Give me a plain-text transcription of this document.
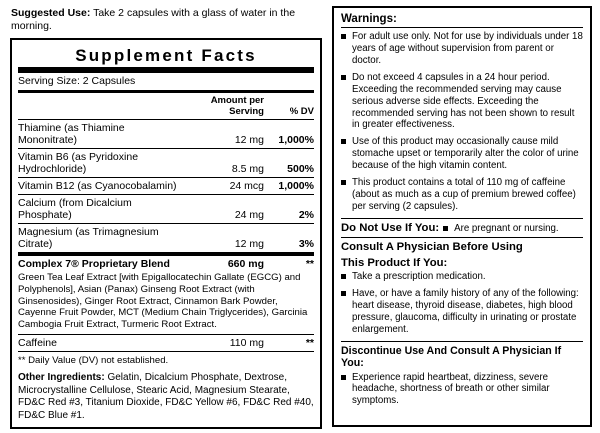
Suggested Use: Take 2 capsules with a glass of water in the morning.
Supplement Facts
Serving Size: 2 Capsules
	Amount per Serving	% DV
Thiamine (as Thiamine Mononitrate)	12 mg	1,000%
Vitamin B6 (as Pyridoxine Hydrochloride)	8.5 mg	500%
Vitamin B12 (as Cyanocobalamin)	24 mcg	1,000%
Calcium (from Dicalcium Phosphate)	24 mg	2%
Magnesium (as Trimagnesium Citrate)	12 mg	3%
Complex 7® Proprietary Blend	660 mg	**
Green Tea Leaf Extract [with Epigallocatechin Gallate (EGCG) and Polyphenols], Asian (Panax) Ginseng Root Extract (with Ginsenosides), Ginger Root Extract, Cinnamon Bark Powder, Cayenne Fruit Powder, MCT (Medium Chain Triglycerides), Garcinia Cambogia Fruit Extract, Turmeric Root Extract.
Caffeine	110 mg	**
** Daily Value (DV) not established.
Other Ingredients: Gelatin, Dicalcium Phosphate, Dextrose, Microcrystalline Cellulose, Stearic Acid, Magnesium Stearate, FD&C Red #3, Titanium Dioxide, FD&C Yellow #6, FD&C Red #40, FD&C Blue #1.
Warnings:
For adult use only. Not for use by individuals under 18 years of age without supervision from parent or doctor.
Do not exceed 4 capsules in a 24 hour period. Exceeding the recommended serving may cause serious adverse side effects. Exceeding the recommended serving has not been shown to result in greater effectiveness.
Use of this product may occasionally cause mild stomache upset or temporarily alter the color of urine because of the high vitamin content.
This product contains a total of 110 mg of caffeine (about as much as a cup of premium brewed coffee) per serving (2 capsules).
Do Not Use If You:	Are pregnant or nursing.
Consult A Physician Before Using
This Product If You:
Take a prescription medication.
Have, or have a family history of any of the following: heart disease, thyroid disease, diabetes, high blood pressure, glaucoma, difficulty in urinating or prostate enlargement.
Discontinue Use And Consult A Physician If You:
Experience rapid heartbeat, dizziness, severe headache, shortness of breath or other similar symptoms.
